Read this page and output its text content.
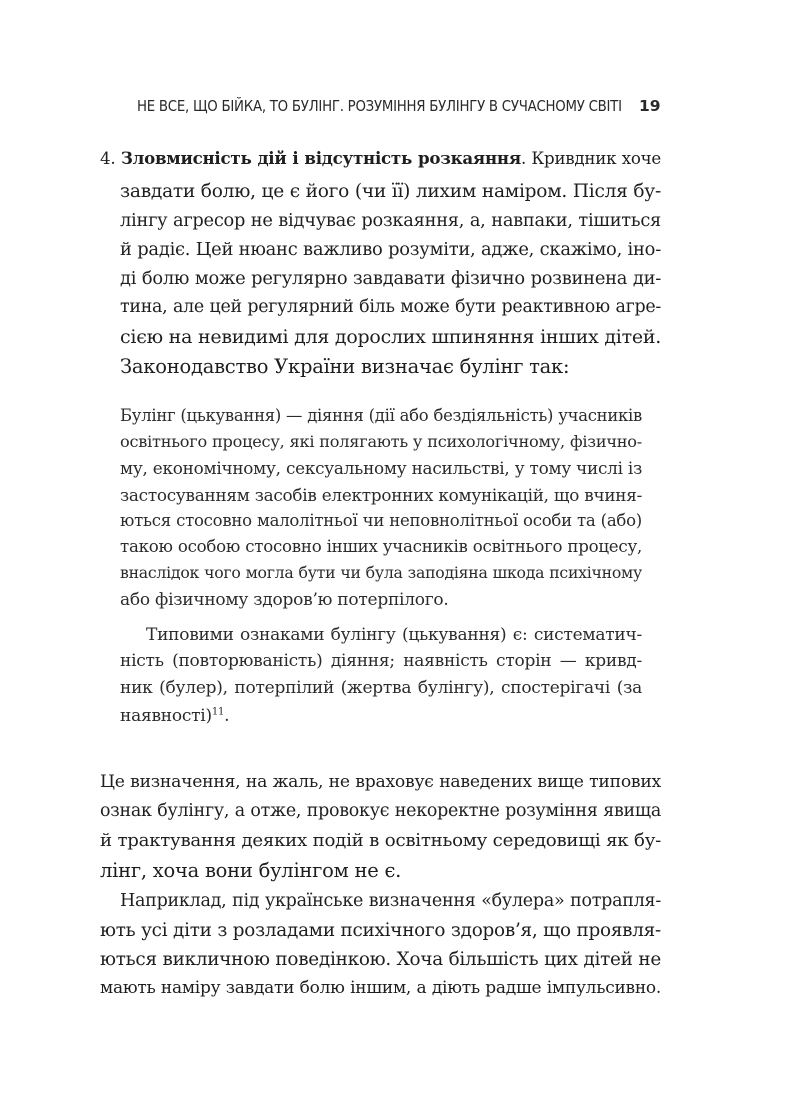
НЕ ВСЕ, ЩО БІЙКА, ТО БУЛІНГ. РОЗУМІННЯ БУЛІНГУ В СУЧАСНОМУ СВІТІ	19
4. Зловмисність дій і відсутність розкаяння. Кривдник хоче
завдати болю, це є його (чи її) лихим наміром. Після бу-
лінгу агресор не відчуває розкаяння, а, навпаки, тішиться
й радіє. Цей нюанс важливо розуміти, адже, скажімо, іно-
ді болю може регулярно завдавати фізично розвинена ди-
тина, але цей регулярний біль може бути реактивною агре-
сією на невидимі для дорослих шпиняння інших дітей.
Законодавство України визначає булінг так:
Булінг (цькування) — діяння (дії або бездіяльність) учасників
освітнього процесу, які полягають у психологічному, фізично-
му, економічному, сексуальному насильстві, у тому числі із
застосуванням засобів електронних комунікацій, що вчиня-
ються стосовно малолітньої чи неповнолітньої особи та (або)
такою особою стосовно інших учасників освітнього процесу,
внаслідок чого могла бути чи була заподіяна шкода психічному
або фізичному здоров’ю потерпілого.
Типовими ознаками булінгу (цькування) є: систематич-
ність (повторюваність) діяння; наявність сторін — кривд-
ник (булер), потерпілий (жертва булінгу), спостерігачі (за
наявності)$^{11}$.
Це визначення, на жаль, не враховує наведених вище типових
ознак булінгу, а отже, провокує некоректне розуміння явища
й трактування деяких подій в освітньому середовищі як бу-
лінг, хоча вони булінгом не є.
Наприклад, під українське визначення «булера» потрапля-
ють усі діти з розладами психічного здоров’я, що проявля-
ються викличною поведінкою. Хоча більшість цих дітей не
мають наміру завдати болю іншим, а діють радше імпульсивно.
